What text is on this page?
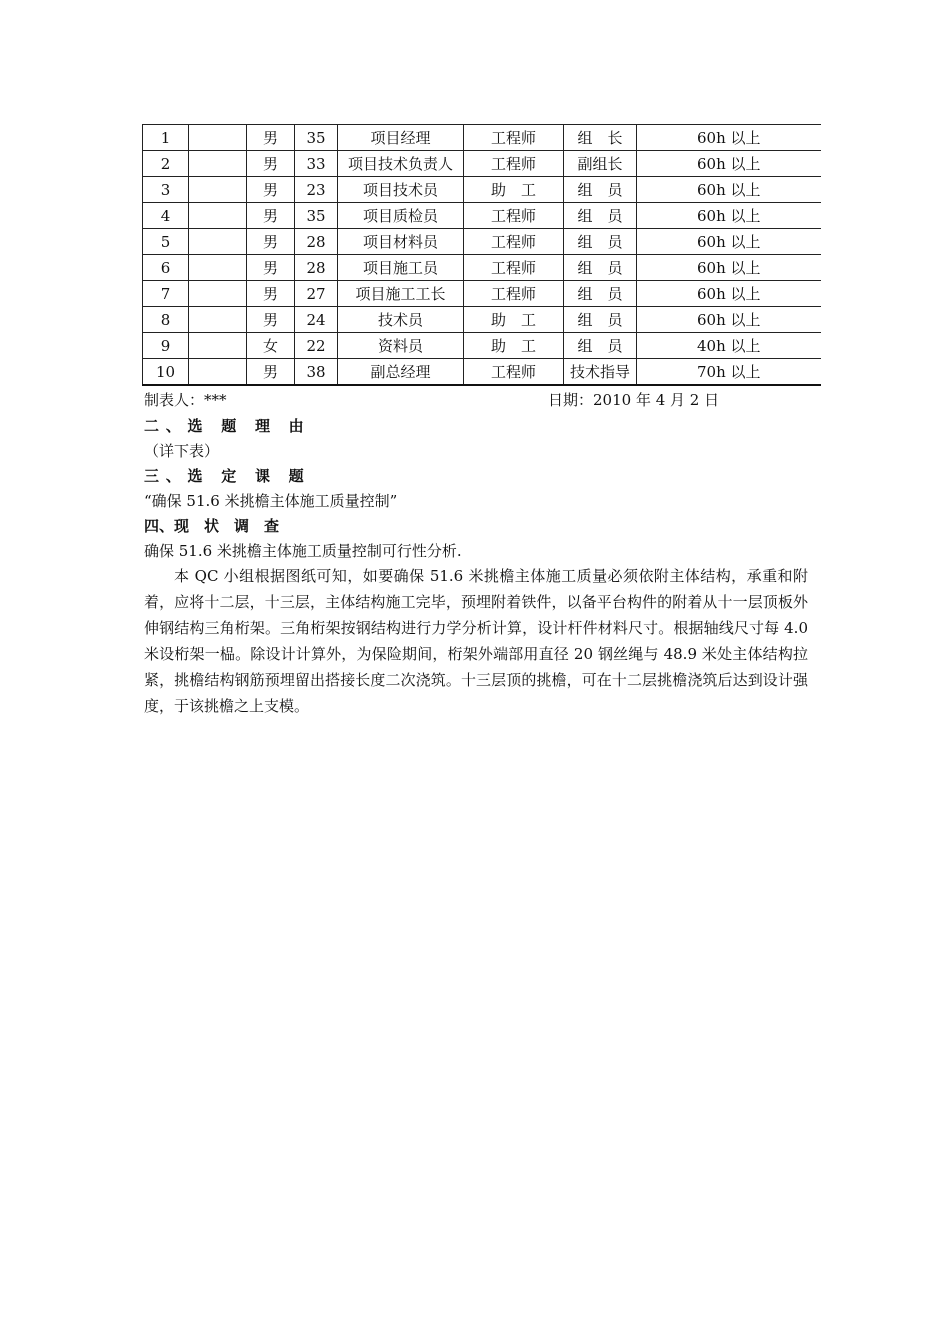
1		男	35	项目经理	工程师	组　长	60h 以上
2		男	33	项目技术负责人	工程师	副组长	60h 以上
3		男	23	项目技术员	助　工	组　员	60h 以上
4		男	35	项目质检员	工程师	组　员	60h 以上
5		男	28	项目材料员	工程师	组　员	60h 以上
6		男	28	项目施工员	工程师	组　员	60h 以上
7		男	27	项目施工工长	工程师	组　员	60h 以上
8		男	24	技术员	助　工	组　员	60h 以上
9		女	22	资料员	助　工	组　员	40h 以上
10		男	38	副总经理	工程师	技术指导	70h 以上
制表人：***	日期：2010 年 4 月 2 日
二、选 题 理 由
（详下表）
三、选 定 课 题
“确保 51.6 米挑檐主体施工质量控制”
四、现　状　调　查
确保 51.6 米挑檐主体施工质量控制可行性分析.

本 QC 小组根据图纸可知，如要确保 51.6 米挑檐主体施工质量必须依附主体结构，承重和附着，应将十二层，十三层，主体结构施工完毕，预埋附着铁件，以备平台构件的附着从十一层顶板外伸钢结构三角桁架。三角桁架按钢结构进行力学分析计算，设计杆件材料尺寸。根据轴线尺寸每 4.0 米设桁架一榀。除设计计算外，为保险期间，桁架外端部用直径 20 钢丝绳与 48.9 米处主体结构拉紧，挑檐结构钢筋预埋留出搭接长度二次浇筑。十三层顶的挑檐，可在十二层挑檐浇筑后达到设计强度，于该挑檐之上支模。
